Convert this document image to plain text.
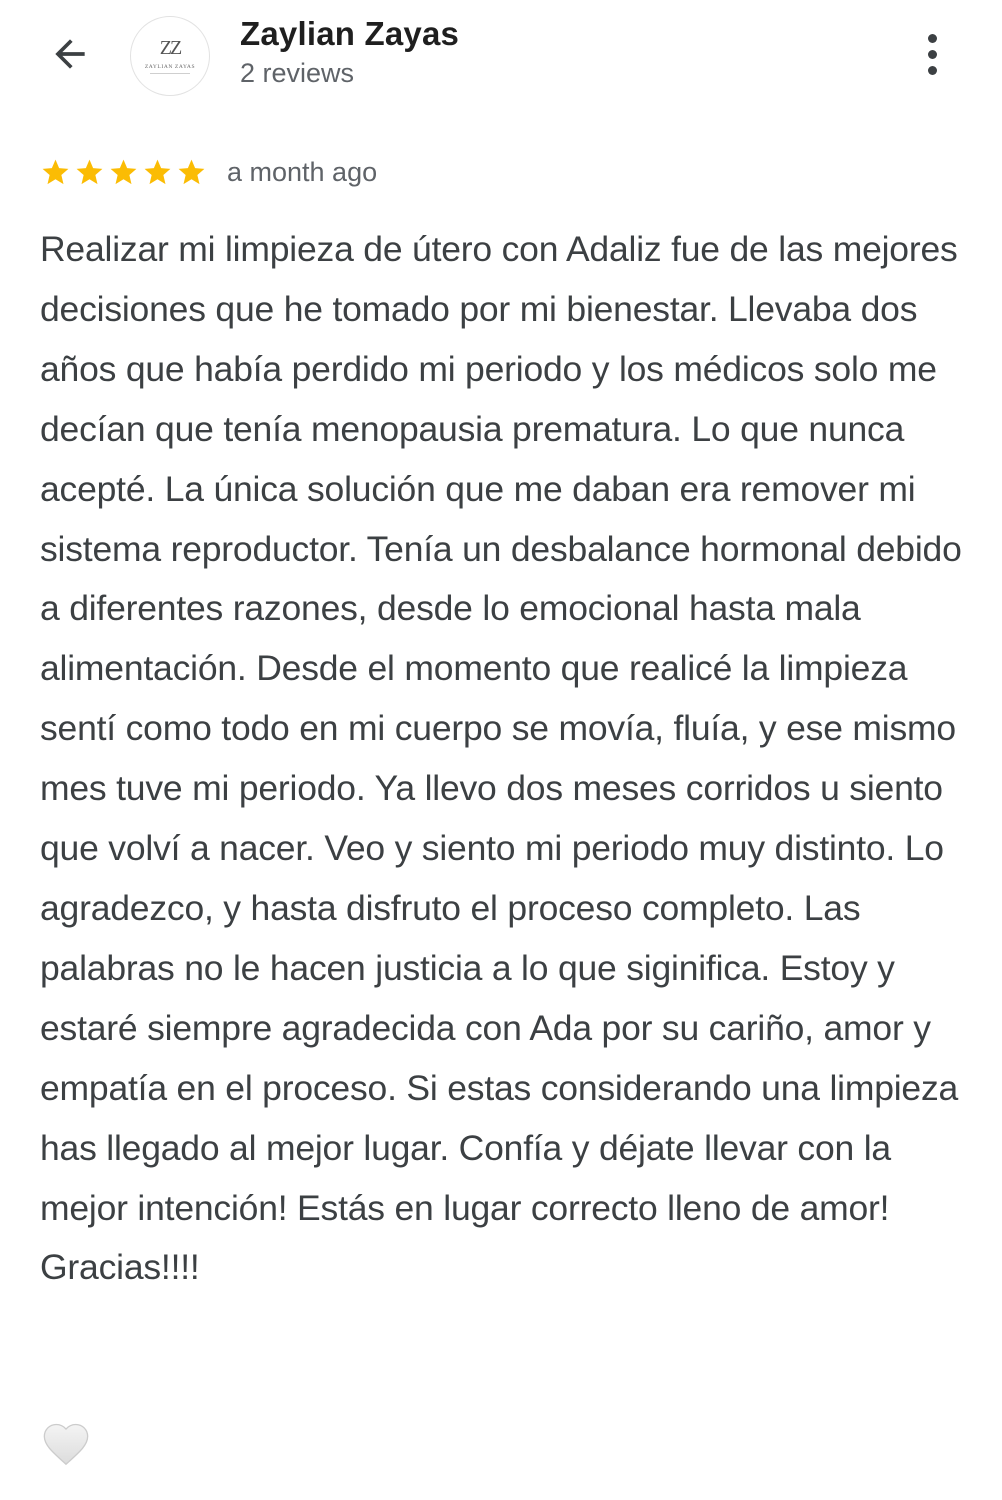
ZZ
ZAYLIAN ZAYAS
Zaylian Zayas
2 reviews
a month ago
Realizar mi limpieza de útero con Adaliz fue de las mejores decisiones que he tomado por mi bienestar. Llevaba dos años que había perdido mi periodo y los médicos solo me decían que tenía menopausia prematura. Lo que nunca acepté. La única solución que me daban era remover mi sistema reproductor. Tenía un desbalance hormonal debido a diferentes razones, desde lo emocional hasta mala alimentación. Desde el momento que realicé la limpieza sentí como todo en mi cuerpo se movía, fluía, y ese mismo mes tuve mi periodo. Ya llevo dos meses corridos u siento que volví a nacer. Veo y siento mi periodo muy distinto. Lo agradezco, y hasta disfruto el proceso completo. Las palabras no le hacen justicia a lo que siginifica. Estoy y estaré siempre agradecida con Ada por su cariño, amor y empatía en el proceso. Si estas considerando una limpieza has llegado al mejor lugar. Confía y déjate llevar con la mejor intención! Estás en lugar correcto lleno de amor! Gracias!!!!
